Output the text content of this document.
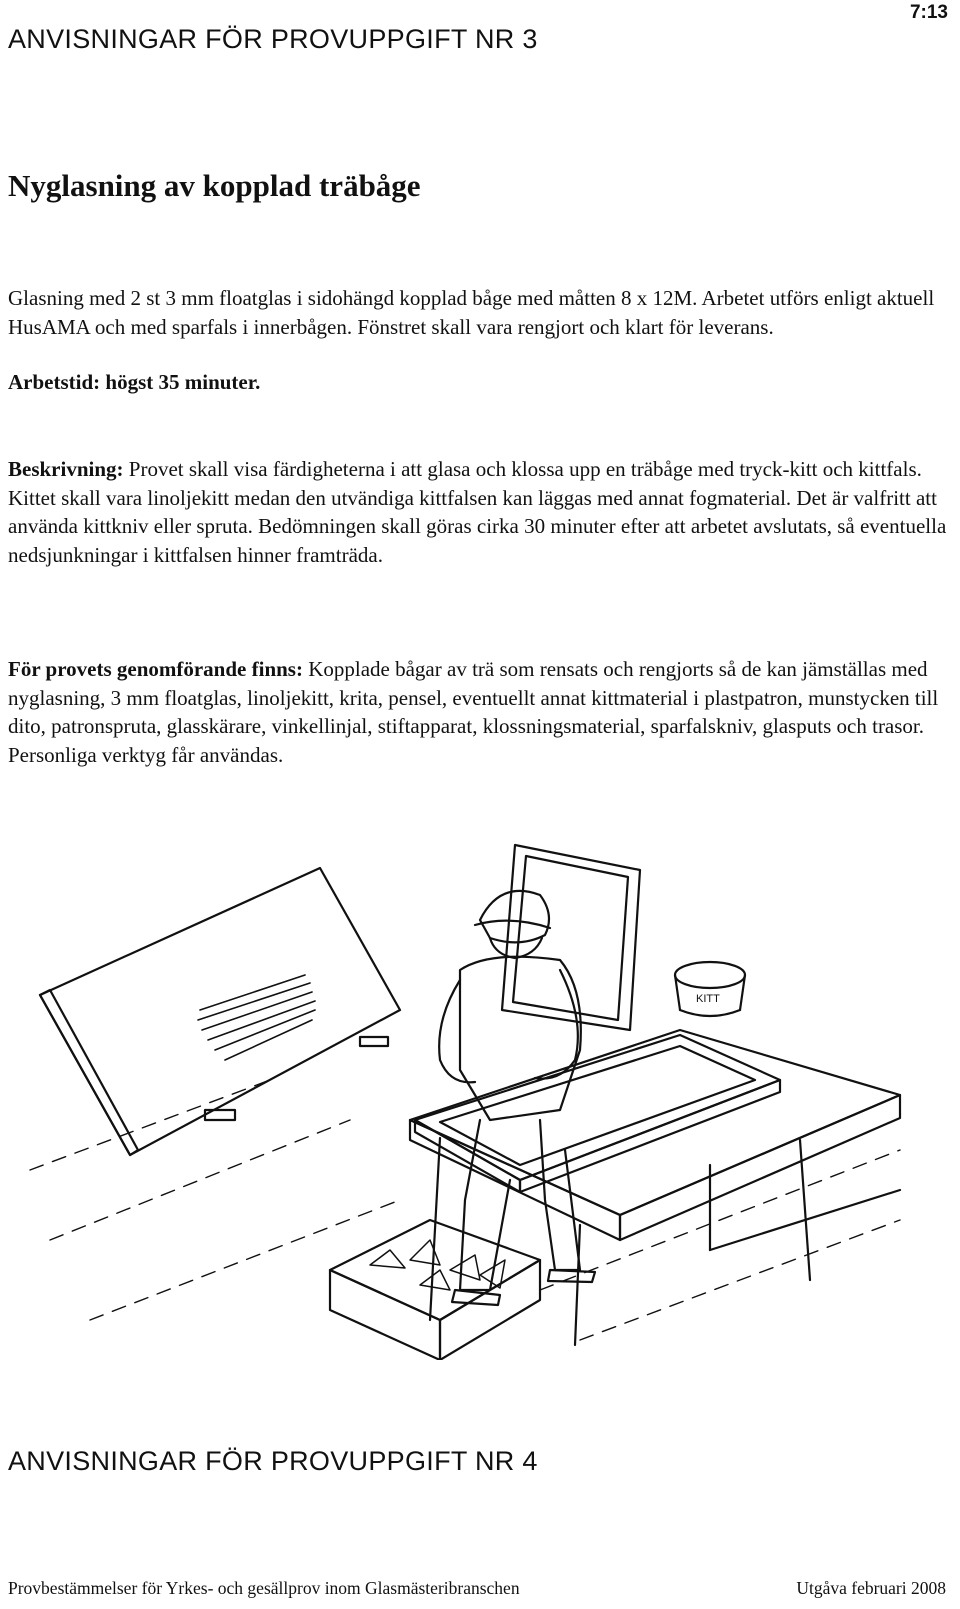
7:13
ANVISNINGAR FÖR PROVUPPGIFT NR 3
Nyglasning av kopplad träbåge
Glasning med 2 st 3 mm floatglas i sidohängd kopplad båge med måtten 8 x 12M. Arbetet utförs enligt aktuell HusAMA och med sparfals i innerbågen. Fönstret skall vara rengjort och klart för leverans.
Arbetstid: högst 35 minuter.
Beskrivning: Provet skall visa färdigheterna i att glasa och klossa upp en träbåge med tryck-kitt och kittfals. Kittet skall vara linoljekitt medan den utvändiga kittfalsen kan läggas med annat fogmaterial. Det är valfritt att använda kittkniv eller spruta. Bedömningen skall göras cirka 30 minuter efter att arbetet avslutats, så eventuella nedsjunkningar i kittfalsen hinner framträda.
För provets genomförande finns: Kopplade bågar av trä som rensats och rengjorts så de kan jämställas med nyglasning, 3 mm floatglas, linoljekitt, krita, pensel, eventuellt annat kittmaterial i plastpatron, munstycken till dito, patronspruta, glasskärare, vinkellinjal, stiftapparat, klossningsmaterial, sparfalskniv, glasputs och trasor. Personliga verktyg får användas.
KITT
ANVISNINGAR FÖR PROVUPPGIFT NR 4
Provbestämmelser för Yrkes- och gesällprov inom Glasmästeribranschen	Utgåva februari 2008
